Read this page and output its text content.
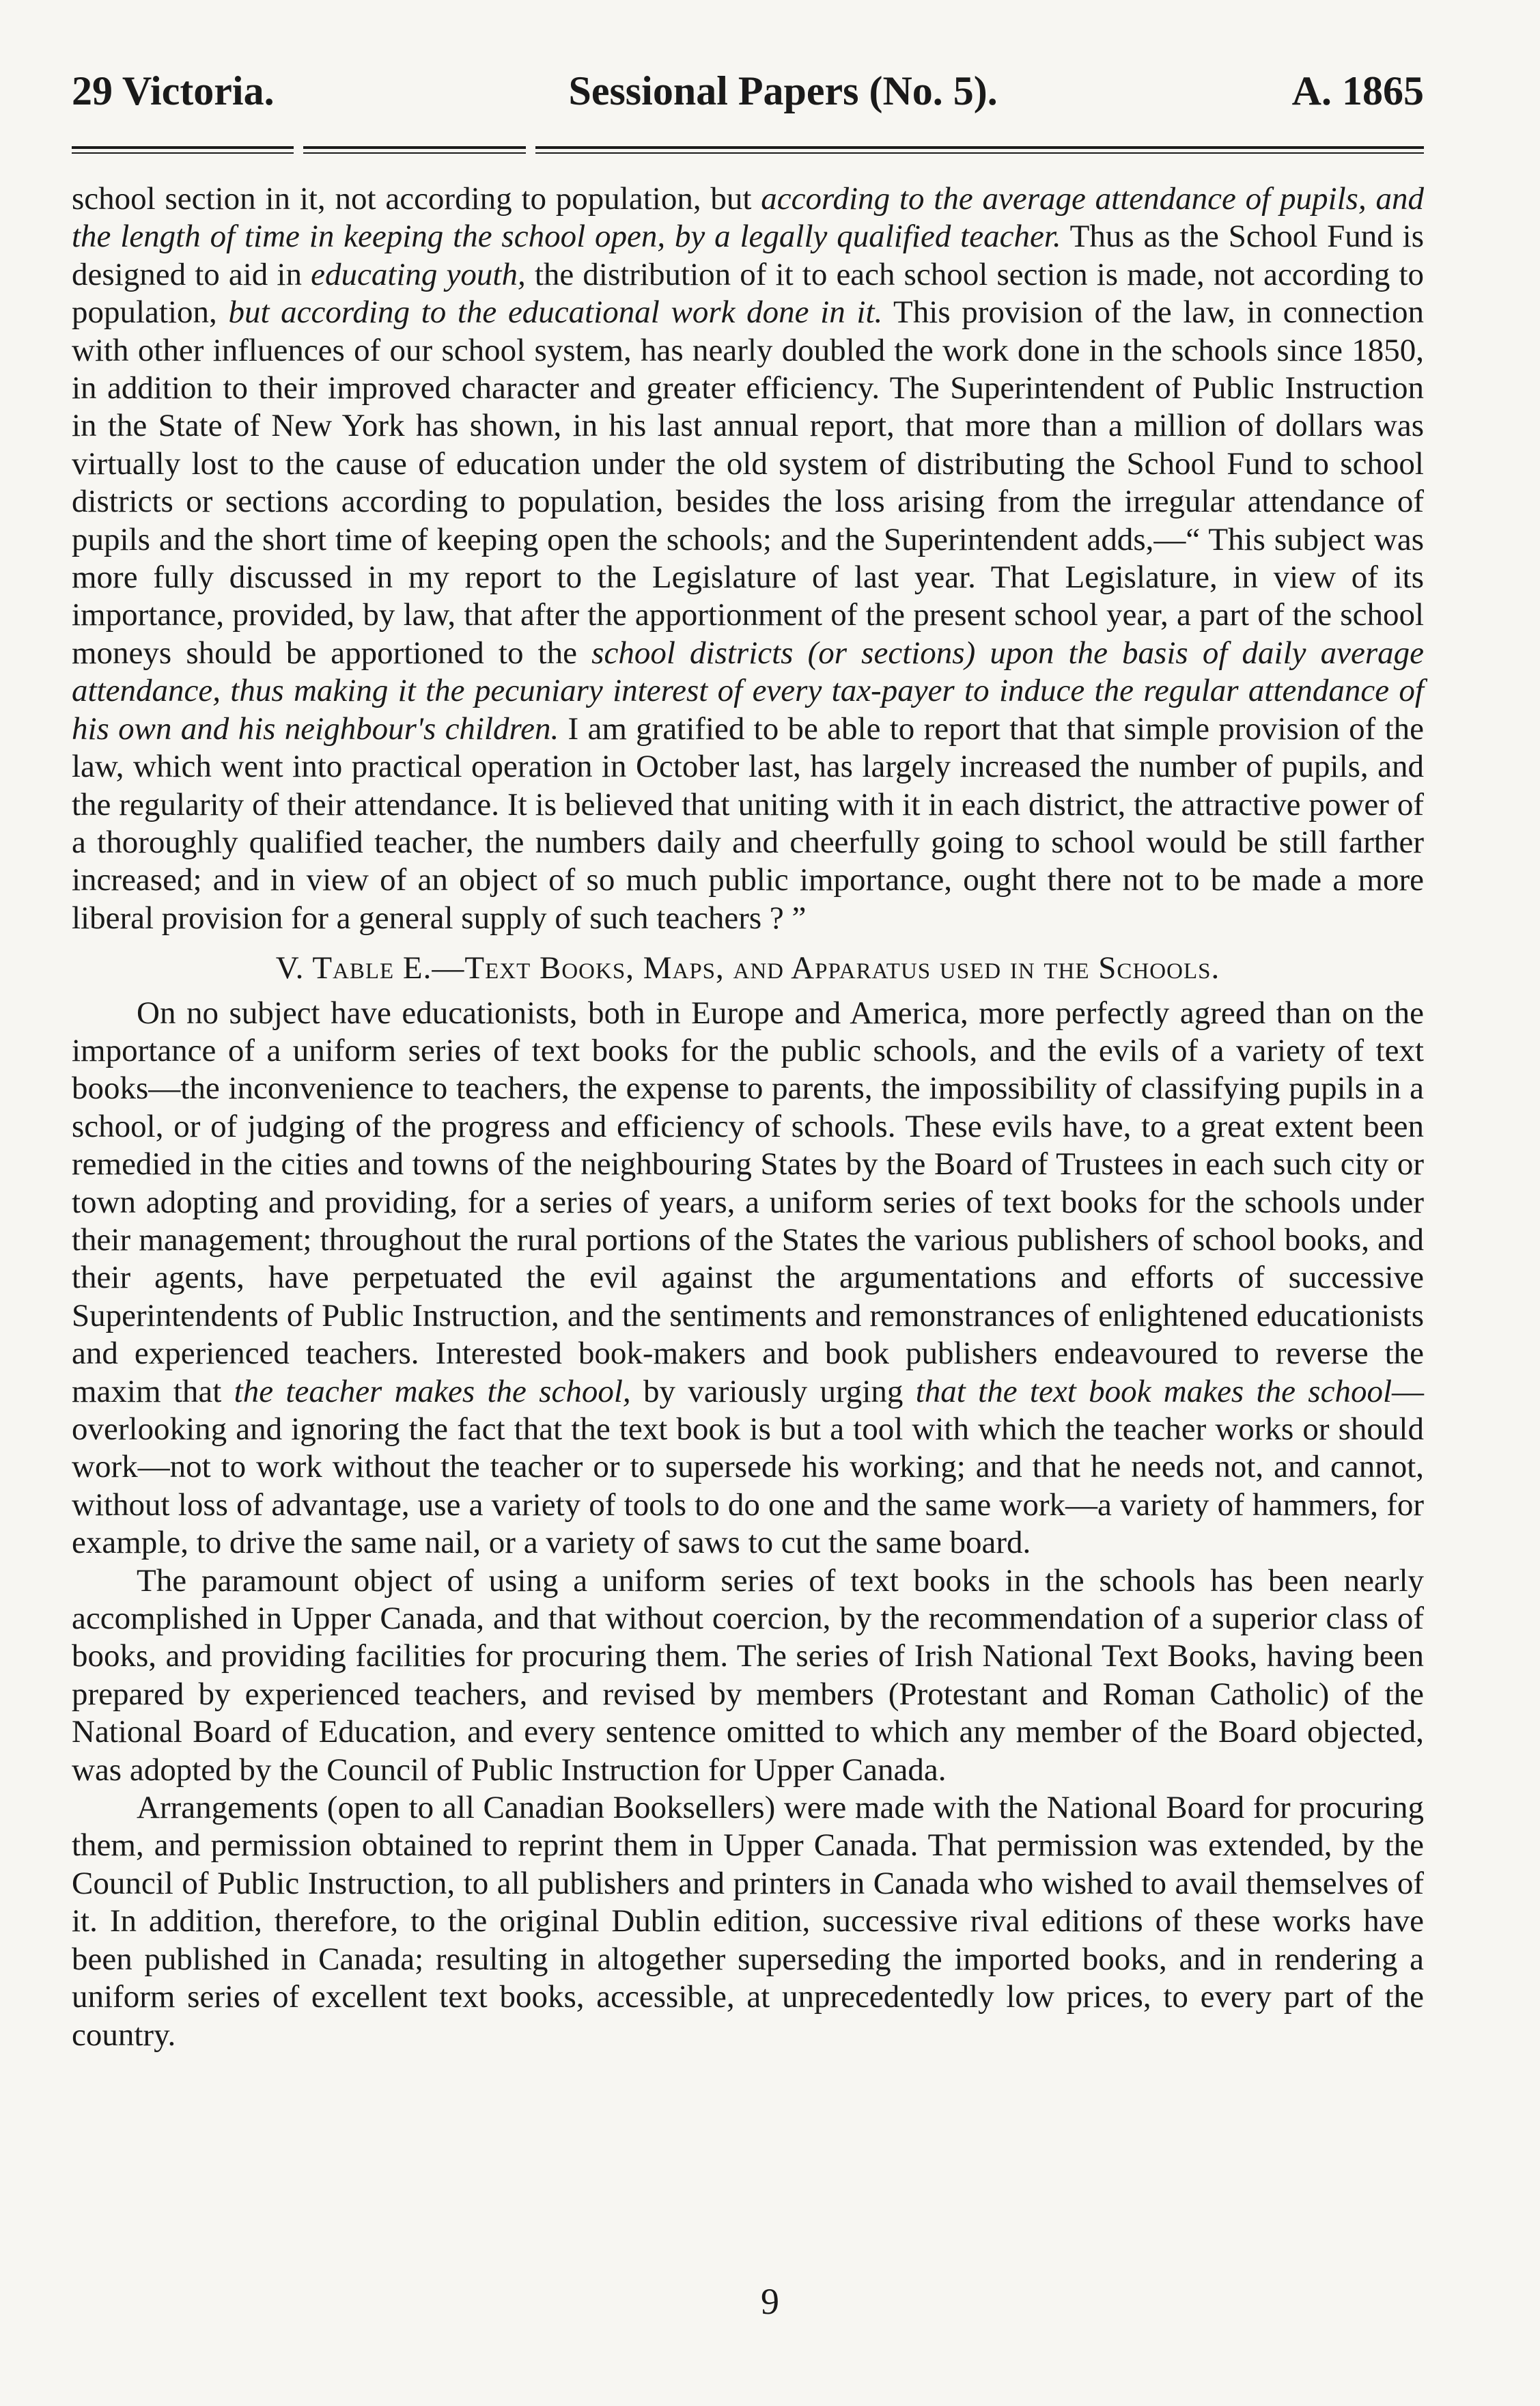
29 Victoria.	Sessional Papers (No. 5).	A. 1865

school section in it, not according to population, but according to the average attendance of pupils, and the length of time in keeping the school open, by a legally qualified teacher. Thus as the School Fund is designed to aid in educating youth, the distribution of it to each school section is made, not according to population, but according to the educational work done in it. This provision of the law, in connection with other influences of our school system, has nearly doubled the work done in the schools since 1850, in addition to their improved character and greater efficiency. The Superintendent of Public Instruction in the State of New York has shown, in his last annual report, that more than a million of dollars was virtually lost to the cause of education under the old system of distributing the School Fund to school districts or sections according to population, besides the loss arising from the irregular attendance of pupils and the short time of keeping open the schools; and the Superintendent adds,—“ This subject was more fully discussed in my report to the Legislature of last year. That Legislature, in view of its importance, provided, by law, that after the apportionment of the present school year, a part of the school moneys should be apportioned to the school districts (or sections) upon the basis of daily average attendance, thus making it the pecuniary interest of every tax-payer to induce the regular attendance of his own and his neighbour's children. I am gratified to be able to report that that simple provision of the law, which went into practical operation in October last, has largely increased the number of pupils, and the regularity of their attendance. It is believed that uniting with it in each district, the attractive power of a thoroughly qualified teacher, the numbers daily and cheerfully going to school would be still farther increased; and in view of an object of so much public importance, ought there not to be made a more liberal provision for a general supply of such teachers ? ”

V. Table E.—Text Books, Maps, and Apparatus used in the Schools.

On no subject have educationists, both in Europe and America, more perfectly agreed than on the importance of a uniform series of text books for the public schools, and the evils of a variety of text books—the inconvenience to teachers, the expense to parents, the impossibility of classifying pupils in a school, or of judging of the progress and efficiency of schools. These evils have, to a great extent been remedied in the cities and towns of the neighbouring States by the Board of Trustees in each such city or town adopting and providing, for a series of years, a uniform series of text books for the schools under their management; throughout the rural portions of the States the various publishers of school books, and their agents, have perpetuated the evil against the argumentations and efforts of successive Superintendents of Public Instruction, and the sentiments and remonstrances of enlightened educationists and experienced teachers. Interested book-makers and book publishers endeavoured to reverse the maxim that the teacher makes the school, by variously urging that the text book makes the school—overlooking and ignoring the fact that the text book is but a tool with which the teacher works or should work—not to work without the teacher or to supersede his working; and that he needs not, and cannot, without loss of advantage, use a variety of tools to do one and the same work—a variety of hammers, for example, to drive the same nail, or a variety of saws to cut the same board.

The paramount object of using a uniform series of text books in the schools has been nearly accomplished in Upper Canada, and that without coercion, by the recommendation of a superior class of books, and providing facilities for procuring them. The series of Irish National Text Books, having been prepared by experienced teachers, and revised by members (Protestant and Roman Catholic) of the National Board of Education, and every sentence omitted to which any member of the Board objected, was adopted by the Council of Public Instruction for Upper Canada.

Arrangements (open to all Canadian Booksellers) were made with the National Board for procuring them, and permission obtained to reprint them in Upper Canada. That permission was extended, by the Council of Public Instruction, to all publishers and printers in Canada who wished to avail themselves of it. In addition, therefore, to the original Dublin edition, successive rival editions of these works have been published in Canada; resulting in altogether superseding the imported books, and in rendering a uniform series of excellent text books, accessible, at unprecedentedly low prices, to every part of the country.

9
